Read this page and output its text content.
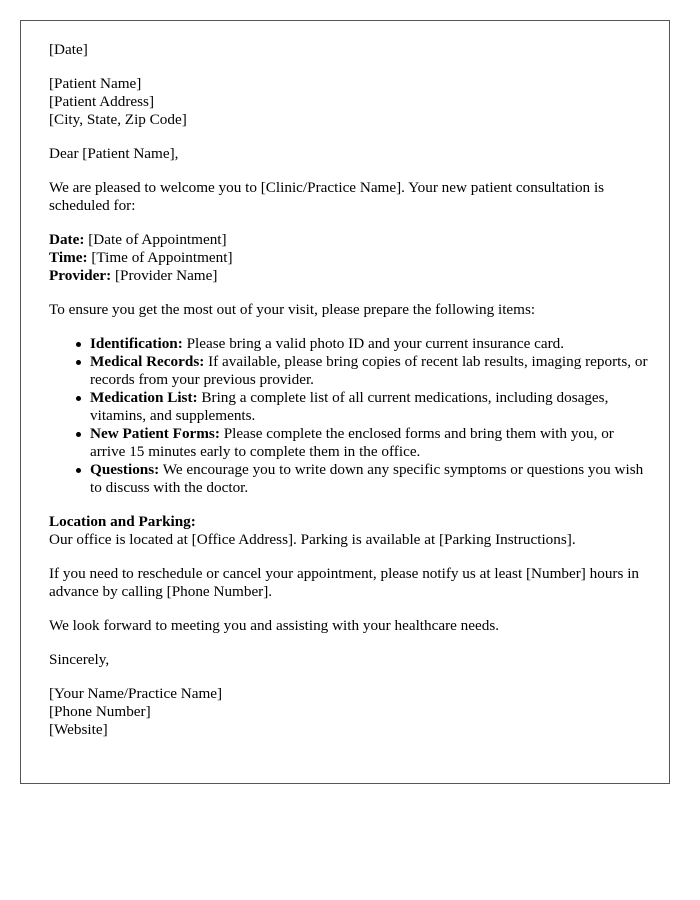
[Date]

[Patient Name]
[Patient Address]
[City, State, Zip Code]

Dear [Patient Name],

We are pleased to welcome you to [Clinic/Practice Name]. Your new patient consultation is scheduled for:

Date: [Date of Appointment]
Time: [Time of Appointment]
Provider: [Provider Name]

To ensure you get the most out of your visit, please prepare the following items:

Identification: Please bring a valid photo ID and your current insurance card.
Medical Records: If available, please bring copies of recent lab results, imaging reports, or records from your previous provider.
Medication List: Bring a complete list of all current medications, including dosages, vitamins, and supplements.
New Patient Forms: Please complete the enclosed forms and bring them with you, or arrive 15 minutes early to complete them in the office.
Questions: We encourage you to write down any specific symptoms or questions you wish to discuss with the doctor.

Location and Parking:
Our office is located at [Office Address]. Parking is available at [Parking Instructions].

If you need to reschedule or cancel your appointment, please notify us at least [Number] hours in advance by calling [Phone Number].

We look forward to meeting you and assisting with your healthcare needs.

Sincerely,

[Your Name/Practice Name]
[Phone Number]
[Website]
